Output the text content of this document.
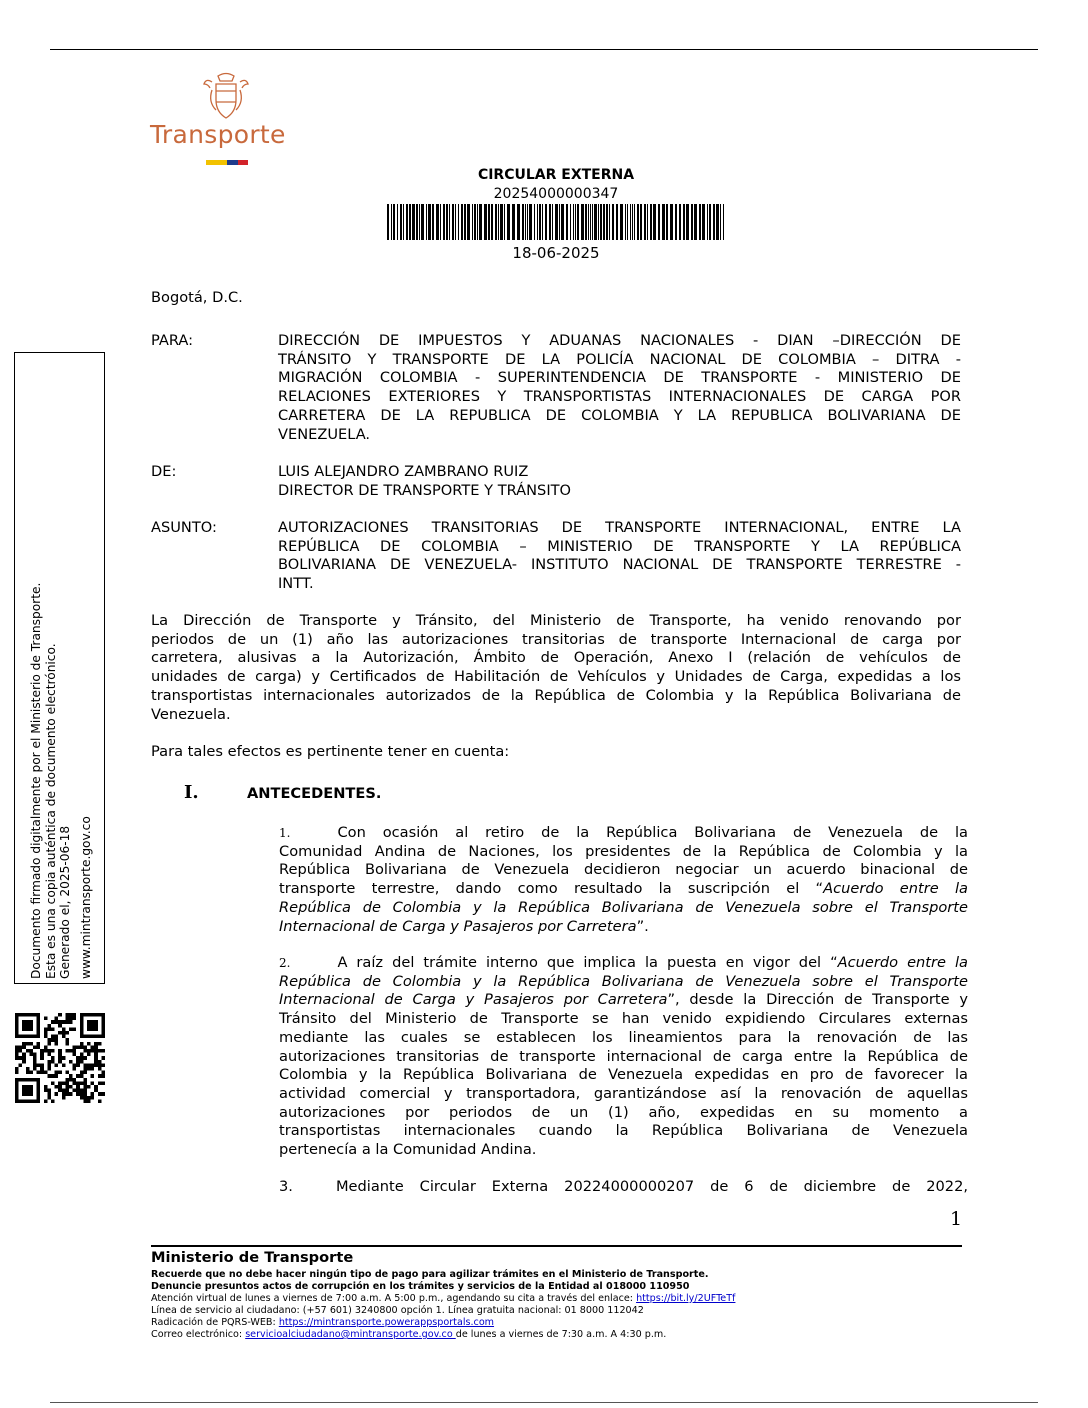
Transporte
CIRCULAR EXTERNA
20254000000347
18-06-2025
Bogotá, D.C.
PARA:	DIRECCIÓN DE IMPUESTOS Y ADUANAS NACIONALES - DIAN –DIRECCIÓN DE
TRÁNSITO Y TRANSPORTE DE LA POLICÍA NACIONAL DE COLOMBIA – DITRA -
MIGRACIÓN COLOMBIA - SUPERINTENDENCIA DE TRANSPORTE - MINISTERIO DE
RELACIONES EXTERIORES Y TRANSPORTISTAS INTERNACIONALES DE CARGA POR
CARRETERA DE LA REPUBLICA DE COLOMBIA Y LA REPUBLICA BOLIVARIANA DE
VENEZUELA.
DE:	LUIS ALEJANDRO ZAMBRANO RUIZ
DIRECTOR DE TRANSPORTE Y TRÁNSITO
ASUNTO:	AUTORIZACIONES TRANSITORIAS DE TRANSPORTE INTERNACIONAL, ENTRE LA
REPÚBLICA DE COLOMBIA – MINISTERIO DE TRANSPORTE Y LA REPÚBLICA
BOLIVARIANA DE VENEZUELA- INSTITUTO NACIONAL DE TRANSPORTE TERRESTRE -
INTT.
La Dirección de Transporte y Tránsito, del Ministerio de Transporte, ha venido renovando por
periodos de un (1) año las autorizaciones transitorias de transporte Internacional de carga por
carretera, alusivas a la Autorización, Ámbito de Operación, Anexo I (relación de vehículos de
unidades de carga) y Certificados de Habilitación de Vehículos y Unidades de Carga, expedidas a los
transportistas internacionales autorizados de la República de Colombia y la República Bolivariana de
Venezuela.
Para tales efectos es pertinente tener en cuenta:
I.	ANTECEDENTES.
1.	Con ocasión al retiro de la República Bolivariana de Venezuela de la
Comunidad Andina de Naciones, los presidentes de la República de Colombia y la
República Bolivariana de Venezuela decidieron negociar un acuerdo binacional de
transporte terrestre, dando como resultado la suscripción el “Acuerdo entre la
República de Colombia y la República Bolivariana de Venezuela sobre el Transporte
Internacional de Carga y Pasajeros por Carretera”.
2.	A raíz del trámite interno que implica la puesta en vigor del “Acuerdo entre la
República de Colombia y la República Bolivariana de Venezuela sobre el Transporte
Internacional de Carga y Pasajeros por Carretera”, desde la Dirección de Transporte y
Tránsito del Ministerio de Transporte se han venido expidiendo Circulares externas
mediante las cuales se establecen los lineamientos para la renovación de las
autorizaciones transitorias de transporte internacional de carga entre la República de
Colombia y la República Bolivariana de Venezuela expedidas en pro de favorecer la
actividad comercial y transportadora, garantizándose así la renovación de aquellas
autorizaciones por periodos de un (1) año, expedidas en su momento a
transportistas internacionales cuando la República Bolivariana de Venezuela
pertenecía a la Comunidad Andina.
3.	Mediante Circular Externa 20224000000207 de 6 de diciembre de 2022,
1
Documento firmado digitalmente por el Ministerio de Transporte. Esta es una copia auténtica de documento electrónico. Generado el, 2025-06-18 www.mintransporte.gov.co
Ministerio de Transporte
Recuerde que no debe hacer ningún tipo de pago para agilizar trámites en el Ministerio de Transporte.
Denuncie presuntos actos de corrupción en los trámites y servicios de la Entidad al 018000 110950
Atención virtual de lunes a viernes de 7:00 a.m. A 5:00 p.m., agendando su cita a través del enlace: https://bit.ly/2UFTeTf
Línea de servicio al ciudadano: (+57 601) 3240800 opción 1. Línea gratuita nacional: 01 8000 112042
Radicación de PQRS-WEB: https://mintransporte.powerappsportals.com
Correo electrónico: servicioalciudadano@mintransporte.gov.co de lunes a viernes de 7:30 a.m. A 4:30 p.m.
